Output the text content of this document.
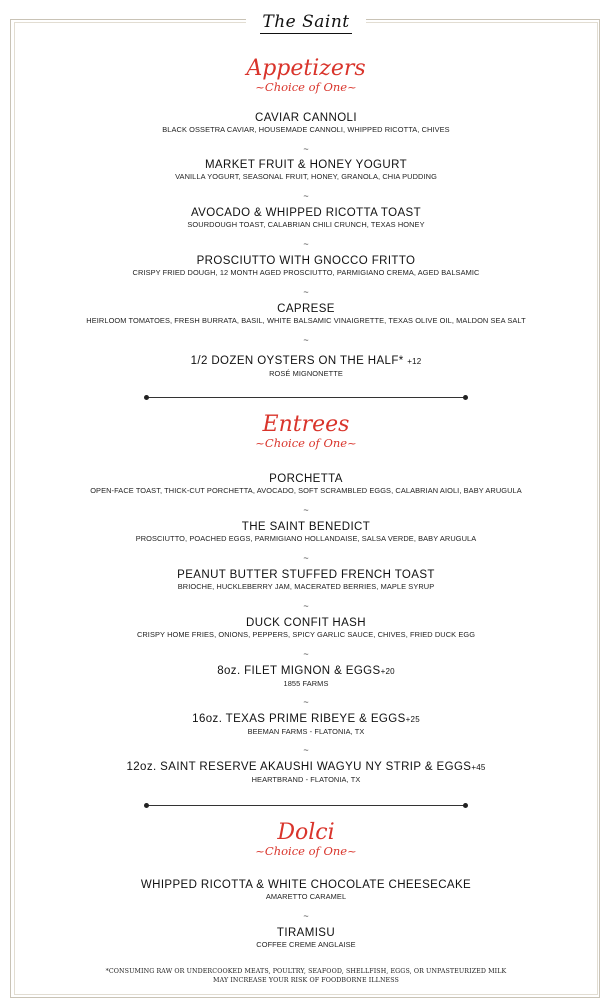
The Saint
Appetizers
~Choice of One~
CAVIAR CANNOLI
BLACK OSSETRA CAVIAR, HOUSEMADE CANNOLI, WHIPPED RICOTTA, CHIVES
~
MARKET FRUIT & HONEY YOGURT
VANILLA YOGURT, SEASONAL FRUIT, HONEY, GRANOLA, CHIA PUDDING
~
AVOCADO & WHIPPED RICOTTA TOAST
SOURDOUGH TOAST, CALABRIAN CHILI CRUNCH, TEXAS HONEY
~
PROSCIUTTO WITH GNOCCO FRITTO
CRISPY FRIED DOUGH, 12 MONTH AGED PROSCIUTTO, PARMIGIANO CREMA, AGED BALSAMIC
~
CAPRESE
HEIRLOOM TOMATOES, FRESH BURRATA, BASIL, WHITE BALSAMIC VINAIGRETTE, TEXAS OLIVE OIL, MALDON SEA SALT
~
1/2 DOZEN OYSTERS ON THE HALF* +12
ROSÉ MIGNONETTE
Entrees
~Choice of One~
PORCHETTA
OPEN-FACE TOAST, THICK-CUT PORCHETTA, AVOCADO, SOFT SCRAMBLED EGGS, CALABRIAN AIOLI, BABY ARUGULA
~
THE SAINT BENEDICT
PROSCIUTTO, POACHED EGGS, PARMIGIANO HOLLANDAISE, SALSA VERDE, BABY ARUGULA
~
PEANUT BUTTER STUFFED FRENCH TOAST
BRIOCHE, HUCKLEBERRY JAM, MACERATED BERRIES, MAPLE SYRUP
~
DUCK CONFIT HASH
CRISPY HOME FRIES, ONIONS, PEPPERS, SPICY GARLIC SAUCE, CHIVES, FRIED DUCK EGG
~
8oz. FILET MIGNON & EGGS+20
1855 FARMS
~
16oz. TEXAS PRIME RIBEYE & EGGS+25
BEEMAN FARMS - FLATONIA, TX
~
12oz. SAINT RESERVE AKAUSHI WAGYU NY STRIP & EGGS+45
HEARTBRAND - FLATONIA, TX
Dolci
~Choice of One~
WHIPPED RICOTTA & WHITE CHOCOLATE CHEESECAKE
AMARETTO CARAMEL
~
TIRAMISU
COFFEE CREME ANGLAISE
*CONSUMING RAW OR UNDERCOOKED MEATS, POULTRY, SEAFOOD, SHELLFISH, EGGS, OR UNPASTEURIZED MILK
MAY INCREASE YOUR RISK OF FOODBORNE ILLNESS
